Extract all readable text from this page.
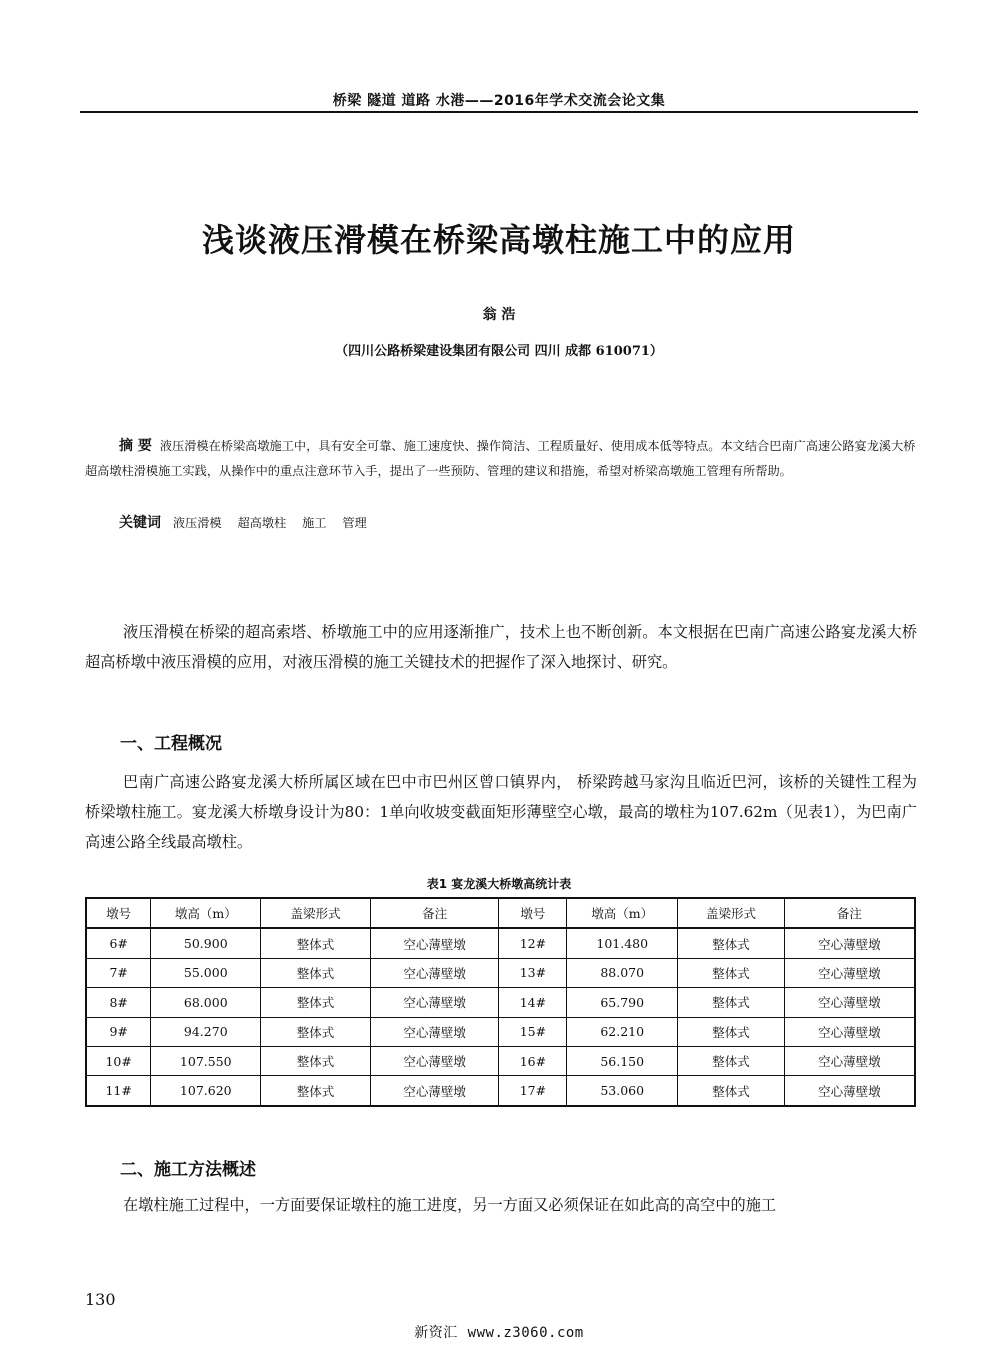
桥梁 隧道 道路 水港——2016年学术交流会论文集
浅谈液压滑模在桥梁高墩柱施工中的应用
翁 浩
（四川公路桥梁建设集团有限公司 四川 成都 610071）
摘 要 液压滑模在桥梁高墩施工中，具有安全可靠、施工速度快、操作简洁、工程质量好、使用成本低等特点。本文结合巴南广高速公路宴龙溪大桥超高墩柱滑模施工实践，从操作中的重点注意环节入手，提出了一些预防、管理的建议和措施，希望对桥梁高墩施工管理有所帮助。
关键词 液压滑模 超高墩柱 施工 管理
液压滑模在桥梁的超高索塔、桥墩施工中的应用逐渐推广，技术上也不断创新。本文根据在巴南广高速公路宴龙溪大桥超高桥墩中液压滑模的应用，对液压滑模的施工关键技术的把握作了深入地探讨、研究。
一、工程概况
巴南广高速公路宴龙溪大桥所属区域在巴中市巴州区曾口镇界内， 桥梁跨越马家沟且临近巴河，该桥的关键性工程为桥梁墩柱施工。宴龙溪大桥墩身设计为80：1单向收坡变截面矩形薄壁空心墩，最高的墩柱为107.62m（见表1），为巴南广高速公路全线最高墩柱。
表1 宴龙溪大桥墩高统计表
墩号	墩高（m）	盖梁形式	备注	墩号	墩高（m）	盖梁形式	备注
6#	50.900	整体式	空心薄壁墩	12#	101.480	整体式	空心薄壁墩
7#	55.000	整体式	空心薄壁墩	13#	88.070	整体式	空心薄壁墩
8#	68.000	整体式	空心薄壁墩	14#	65.790	整体式	空心薄壁墩
9#	94.270	整体式	空心薄壁墩	15#	62.210	整体式	空心薄壁墩
10#	107.550	整体式	空心薄壁墩	16#	56.150	整体式	空心薄壁墩
11#	107.620	整体式	空心薄壁墩	17#	53.060	整体式	空心薄壁墩
二、施工方法概述
在墩柱施工过程中，一方面要保证墩柱的施工进度，另一方面又必须保证在如此高的高空中的施工
130
新资汇 www.z3060.com
